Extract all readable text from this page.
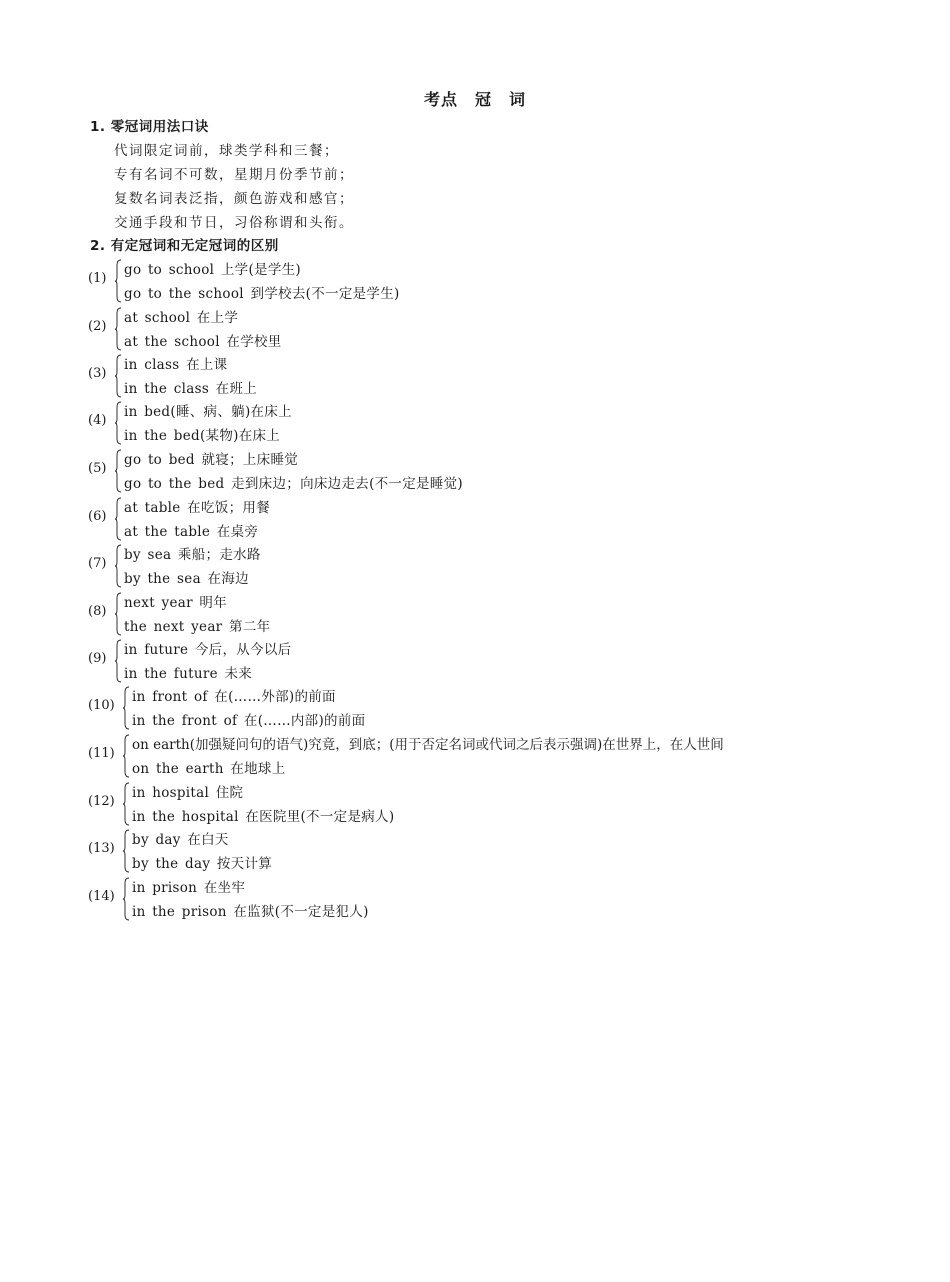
考点　冠　词
1. 零冠词用法口诀
代词限定词前，球类学科和三餐；
专有名词不可数，星期月份季节前；
复数名词表泛指，颜色游戏和感官；
交通手段和节日，习俗称谓和头衔。
2. 有定冠词和无定冠词的区别
(1)
go to school 上学(是学生)
go to the school 到学校去(不一定是学生)
(2)
at school 在上学
at the school 在学校里
(3)
in class 在上课
in the class 在班上
(4)
in bed(睡、病、躺)在床上
in the bed(某物)在床上
(5)
go to bed 就寝；上床睡觉
go to the bed 走到床边；向床边走去(不一定是睡觉)
(6)
at table 在吃饭；用餐
at the table 在桌旁
(7)
by sea 乘船；走水路
by the sea 在海边
(8)
next year 明年
the next year 第二年
(9)
in future 今后，从今以后
in the future 未来
(10)
in front of 在(……外部)的前面
in the front of 在(……内部)的前面
(11)
on earth(加强疑问句的语气)究竟，到底；(用于否定名词或代词之后表示强调)在世界上，在人世间
on the earth 在地球上
(12)
in hospital 住院
in the hospital 在医院里(不一定是病人)
(13)
by day 在白天
by the day 按天计算
(14)
in prison 在坐牢
in the prison 在监狱(不一定是犯人)
